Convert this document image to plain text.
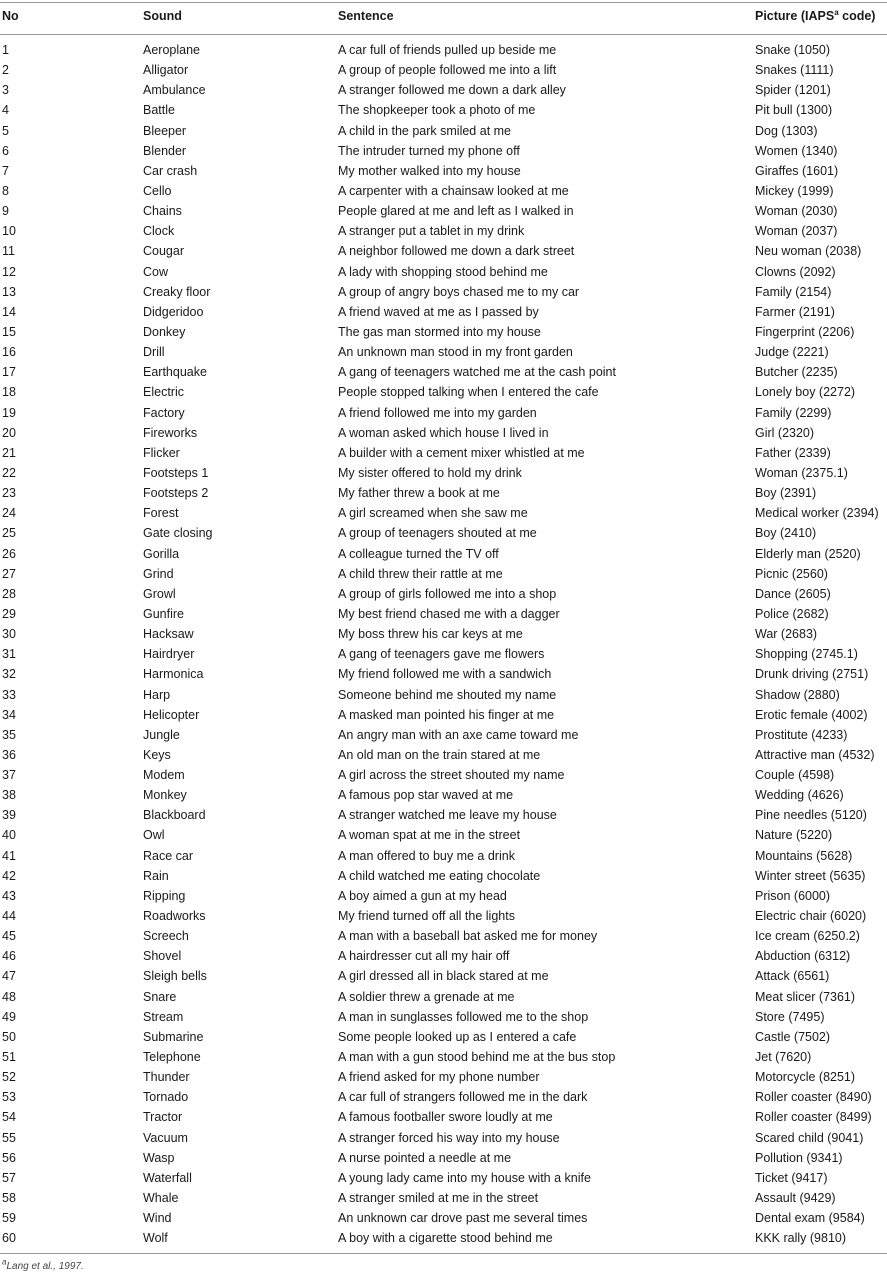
No	Sound	Sentence	Picture (IAPS$^a$ code)
1	Aeroplane	A car full of friends pulled up beside me	Snake (1050)
2	Alligator	A group of people followed me into a lift	Snakes (1111)
3	Ambulance	A stranger followed me down a dark alley	Spider (1201)
4	Battle	The shopkeeper took a photo of me	Pit bull (1300)
5	Bleeper	A child in the park smiled at me	Dog (1303)
6	Blender	The intruder turned my phone off	Women (1340)
7	Car crash	My mother walked into my house	Giraffes (1601)
8	Cello	A carpenter with a chainsaw looked at me	Mickey (1999)
9	Chains	People glared at me and left as I walked in	Woman (2030)
10	Clock	A stranger put a tablet in my drink	Woman (2037)
11	Cougar	A neighbor followed me down a dark street	Neu woman (2038)
12	Cow	A lady with shopping stood behind me	Clowns (2092)
13	Creaky floor	A group of angry boys chased me to my car	Family (2154)
14	Didgeridoo	A friend waved at me as I passed by	Farmer (2191)
15	Donkey	The gas man stormed into my house	Fingerprint (2206)
16	Drill	An unknown man stood in my front garden	Judge (2221)
17	Earthquake	A gang of teenagers watched me at the cash point	Butcher (2235)
18	Electric	People stopped talking when I entered the cafe	Lonely boy (2272)
19	Factory	A friend followed me into my garden	Family (2299)
20	Fireworks	A woman asked which house I lived in	Girl (2320)
21	Flicker	A builder with a cement mixer whistled at me	Father (2339)
22	Footsteps 1	My sister offered to hold my drink	Woman (2375.1)
23	Footsteps 2	My father threw a book at me	Boy (2391)
24	Forest	A girl screamed when she saw me	Medical worker (2394)
25	Gate closing	A group of teenagers shouted at me	Boy (2410)
26	Gorilla	A colleague turned the TV off	Elderly man (2520)
27	Grind	A child threw their rattle at me	Picnic (2560)
28	Growl	A group of girls followed me into a shop	Dance (2605)
29	Gunfire	My best friend chased me with a dagger	Police (2682)
30	Hacksaw	My boss threw his car keys at me	War (2683)
31	Hairdryer	A gang of teenagers gave me flowers	Shopping (2745.1)
32	Harmonica	My friend followed me with a sandwich	Drunk driving (2751)
33	Harp	Someone behind me shouted my name	Shadow (2880)
34	Helicopter	A masked man pointed his finger at me	Erotic female (4002)
35	Jungle	An angry man with an axe came toward me	Prostitute (4233)
36	Keys	An old man on the train stared at me	Attractive man (4532)
37	Modem	A girl across the street shouted my name	Couple (4598)
38	Monkey	A famous pop star waved at me	Wedding (4626)
39	Blackboard	A stranger watched me leave my house	Pine needles (5120)
40	Owl	A woman spat at me in the street	Nature (5220)
41	Race car	A man offered to buy me a drink	Mountains (5628)
42	Rain	A child watched me eating chocolate	Winter street (5635)
43	Ripping	A boy aimed a gun at my head	Prison (6000)
44	Roadworks	My friend turned off all the lights	Electric chair (6020)
45	Screech	A man with a baseball bat asked me for money	Ice cream (6250.2)
46	Shovel	A hairdresser cut all my hair off	Abduction (6312)
47	Sleigh bells	A girl dressed all in black stared at me	Attack (6561)
48	Snare	A soldier threw a grenade at me	Meat slicer (7361)
49	Stream	A man in sunglasses followed me to the shop	Store (7495)
50	Submarine	Some people looked up as I entered a cafe	Castle (7502)
51	Telephone	A man with a gun stood behind me at the bus stop	Jet (7620)
52	Thunder	A friend asked for my phone number	Motorcycle (8251)
53	Tornado	A car full of strangers followed me in the dark	Roller coaster (8490)
54	Tractor	A famous footballer swore loudly at me	Roller coaster (8499)
55	Vacuum	A stranger forced his way into my house	Scared child (9041)
56	Wasp	A nurse pointed a needle at me	Pollution (9341)
57	Waterfall	A young lady came into my house with a knife	Ticket (9417)
58	Whale	A stranger smiled at me in the street	Assault (9429)
59	Wind	An unknown car drove past me several times	Dental exam (9584)
60	Wolf	A boy with a cigarette stood behind me	KKK rally (9810)
$^a$Lang et al., 1997.
